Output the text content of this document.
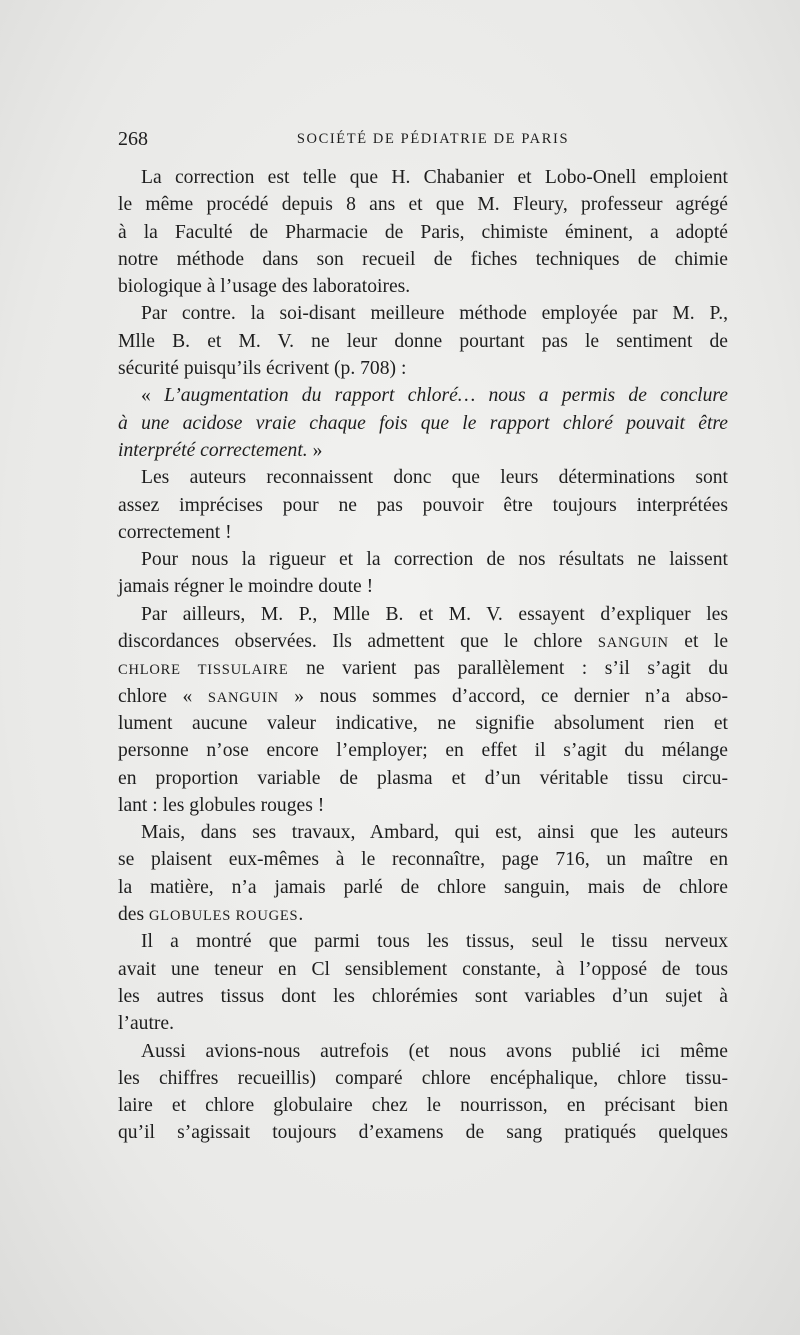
268	SOCIÉTÉ DE PÉDIATRIE DE PARIS
La correction est telle que H. Chabanier et Lobo-Onell emploient
le même procédé depuis 8 ans et que M. Fleury, professeur agrégé
à la Faculté de Pharmacie de Paris, chimiste éminent, a adopté
notre méthode dans son recueil de fiches techniques de chimie
biologique à l’usage des laboratoires.
Par contre. la soi-disant meilleure méthode employée par M. P.,
Mlle B. et M. V. ne leur donne pourtant pas le sentiment de
sécurité puisqu’ils écrivent (p. 708) :
« L’augmentation du rapport chloré… nous a permis de conclure
à une acidose vraie chaque fois que le rapport chloré pouvait être
interprété correctement. »
Les auteurs reconnaissent donc que leurs déterminations sont
assez imprécises pour ne pas pouvoir être toujours interprétées
correctement !
Pour nous la rigueur et la correction de nos résultats ne laissent
jamais régner le moindre doute !
Par ailleurs, M. P., Mlle B. et M. V. essayent d’expliquer les
discordances observées. Ils admettent que le chlore SANGUIN et le
CHLORE TISSULAIRE ne varient pas parallèlement : s’il s’agit du
chlore « SANGUIN » nous sommes d’accord, ce dernier n’a abso-
lument aucune valeur indicative, ne signifie absolument rien et
personne n’ose encore l’employer; en effet il s’agit du mélange
en proportion variable de plasma et d’un véritable tissu circu-
lant : les globules rouges !
Mais, dans ses travaux, Ambard, qui est, ainsi que les auteurs
se plaisent eux-mêmes à le reconnaître, page 716, un maître en
la matière, n’a jamais parlé de chlore sanguin, mais de chlore
des GLOBULES ROUGES.
Il a montré que parmi tous les tissus, seul le tissu nerveux
avait une teneur en Cl sensiblement constante, à l’opposé de tous
les autres tissus dont les chlorémies sont variables d’un sujet à
l’autre.
Aussi avions-nous autrefois (et nous avons publié ici même
les chiffres recueillis) comparé chlore encéphalique, chlore tissu-
laire et chlore globulaire chez le nourrisson, en précisant bien
qu’il s’agissait toujours d’examens de sang pratiqués quelques
